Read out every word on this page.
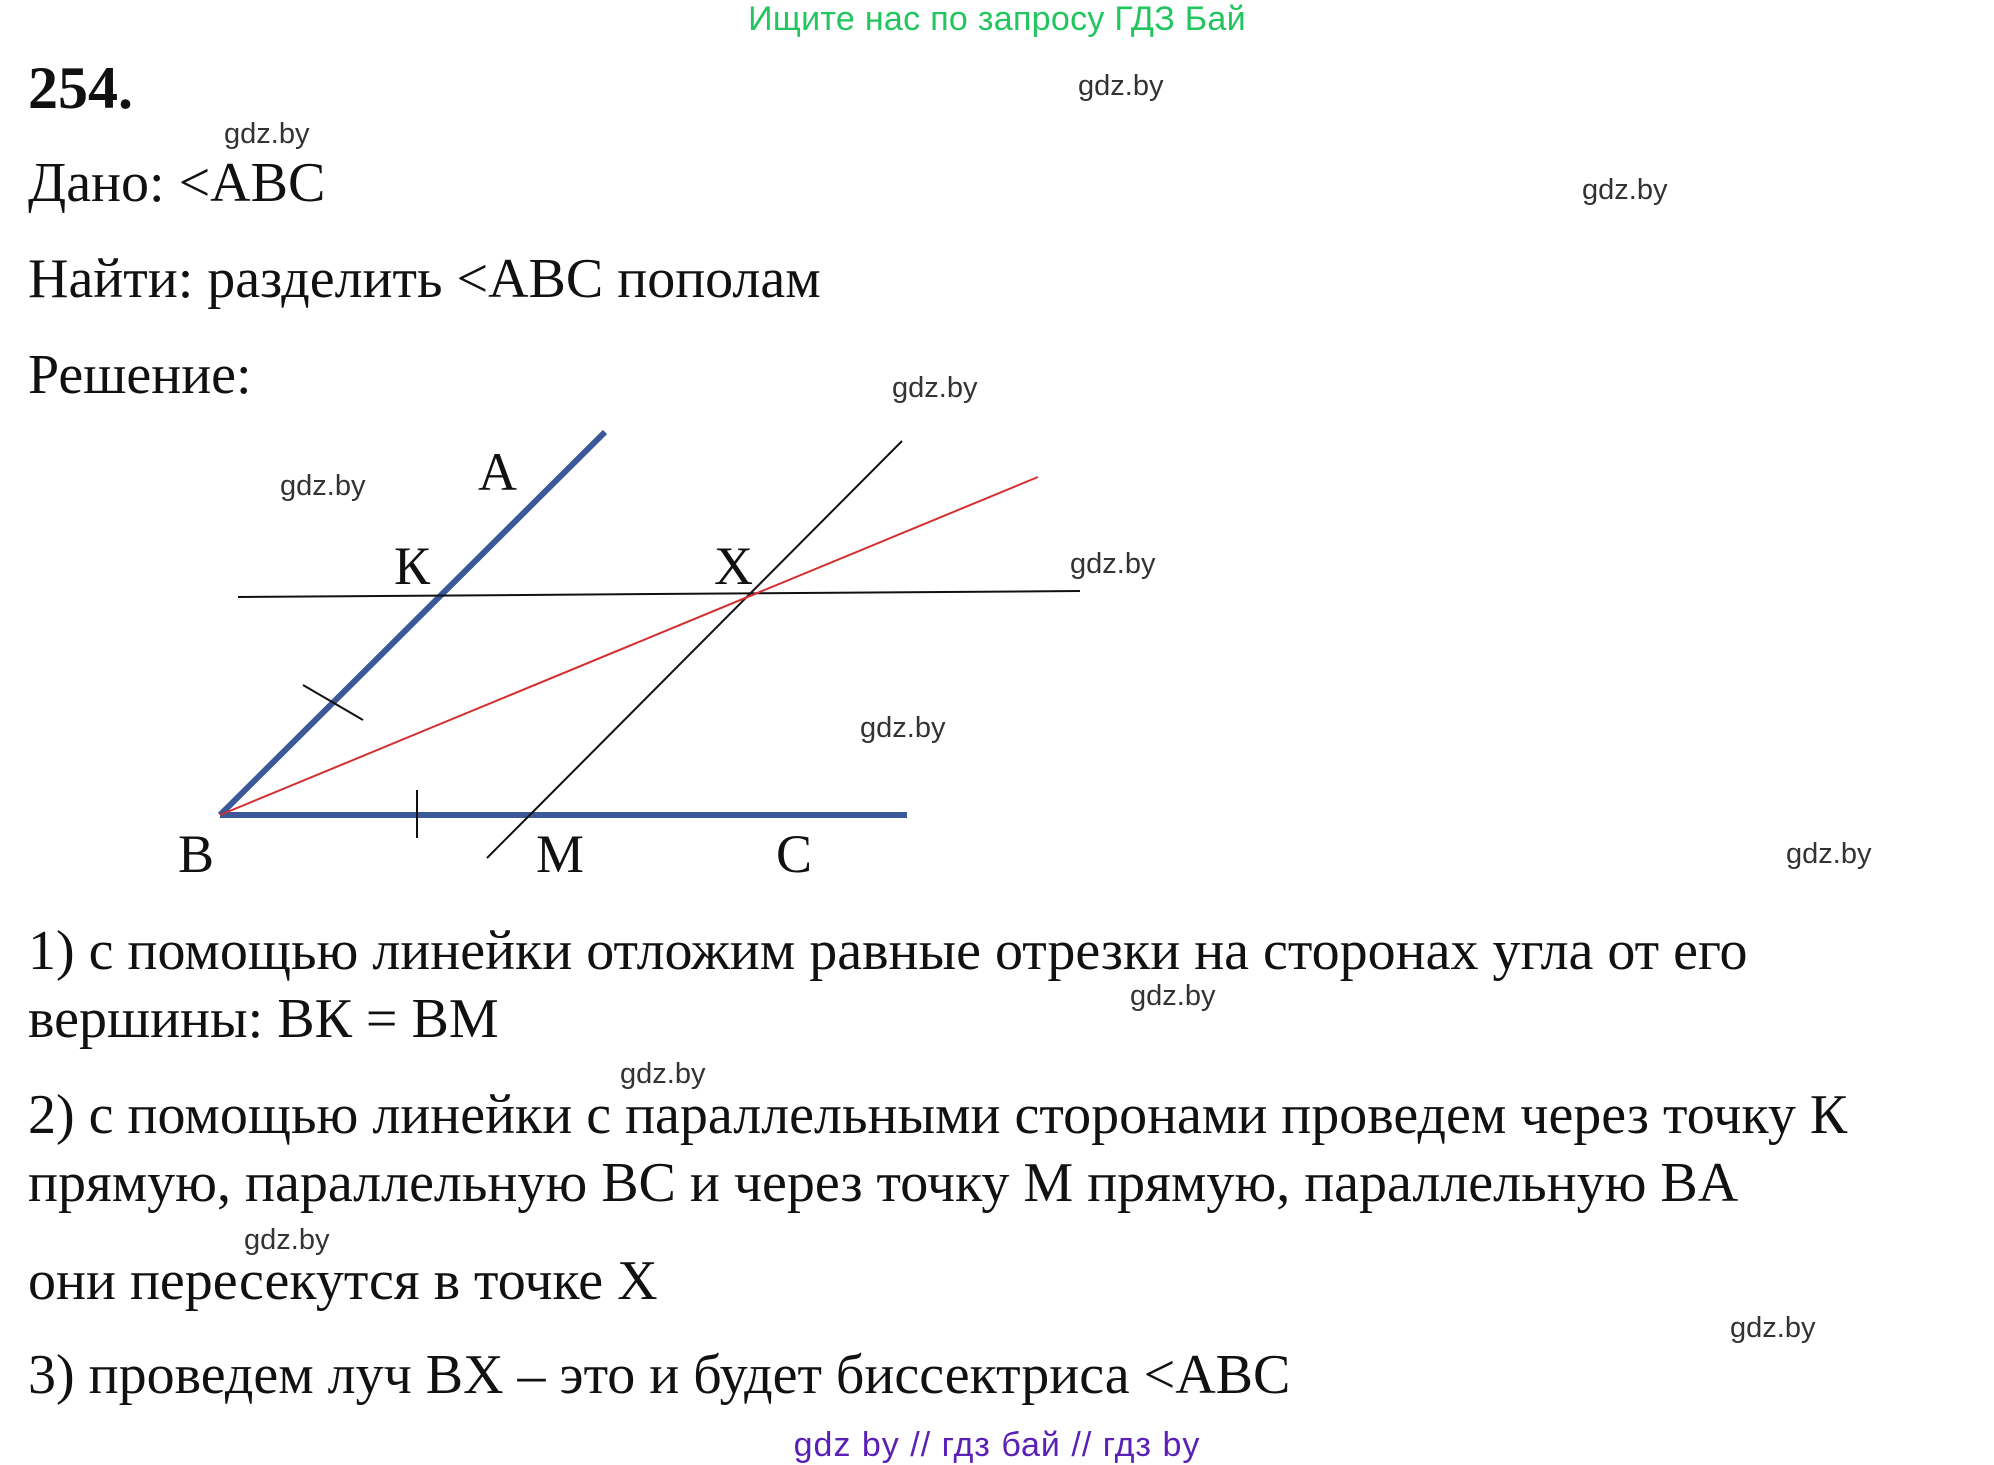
Ищите нас по запросу ГДЗ Бай
254.
Дано: <ABC
Найти: разделить <ABC пополам
Решение:
A
К	X
B	M	C
1) с помощью линейки отложим равные отрезки на сторонах угла от его
вершины: BК = BM
2) с помощью линейки с параллельными сторонами проведем через точку К
прямую, параллельную BC и через точку M прямую, параллельную BA
они пересекутся в точке X
3) проведем луч BX – это и будет биссектриса <ABC
gdz.by
gdz.by
gdz.by
gdz.by
gdz.by
gdz.by
gdz.by
gdz.by
gdz.by
gdz.by
gdz.by
gdz.by
gdz by // гдз бай // гдз by
